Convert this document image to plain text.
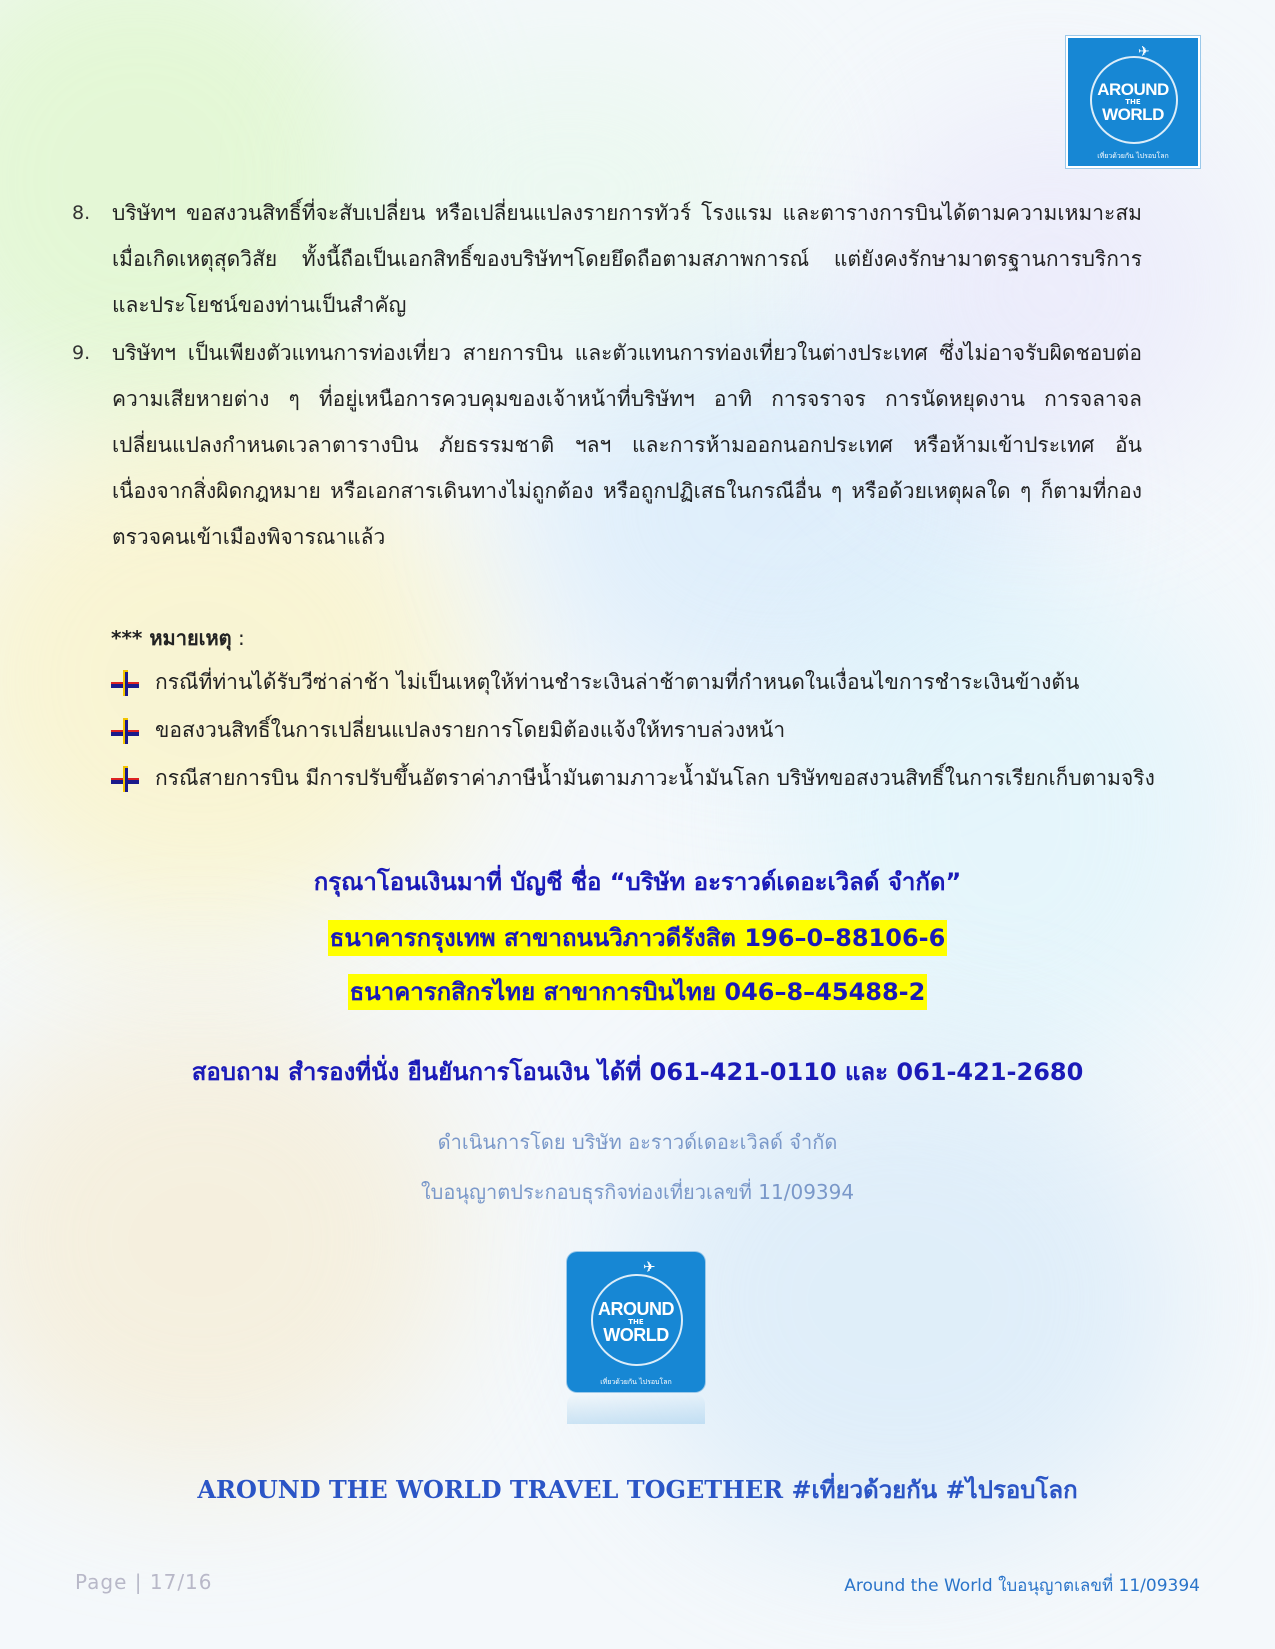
✈
AROUND
THE
WORLD
เที่ยวด้วยกัน ไปรอบโลก
8. บริษัทฯ ขอสงวนสิทธิ์ที่จะสับเปลี่ยน หรือเปลี่ยนแปลงรายการทัวร์ โรงแรม และตารางการบินได้ตามความเหมาะสม เมื่อเกิดเหตุสุดวิสัย ทั้งนี้ถือเป็นเอกสิทธิ์ของบริษัทฯโดยยึดถือตามสภาพการณ์ แต่ยังคงรักษามาตรฐานการบริการและประโยชน์ของท่านเป็นสำคัญ
9. บริษัทฯ เป็นเพียงตัวแทนการท่องเที่ยว สายการบิน และตัวแทนการท่องเที่ยวในต่างประเทศ ซึ่งไม่อาจรับผิดชอบต่อความเสียหายต่าง ๆ ที่อยู่เหนือการควบคุมของเจ้าหน้าที่บริษัทฯ อาทิ การจราจร การนัดหยุดงาน การจลาจล เปลี่ยนแปลงกำหนดเวลาตารางบิน ภัยธรรมชาติ ฯลฯ และการห้ามออกนอกประเทศ หรือห้ามเข้าประเทศ อันเนื่องจากสิ่งผิดกฎหมาย หรือเอกสารเดินทางไม่ถูกต้อง หรือถูกปฏิเสธในกรณีอื่น ๆ หรือด้วยเหตุผลใด ๆ ก็ตามที่กองตรวจคนเข้าเมืองพิจารณาแล้ว
*** หมายเหตุ :
กรณีที่ท่านได้รับวีซ่าล่าช้า ไม่เป็นเหตุให้ท่านชำระเงินล่าช้าตามที่กำหนดในเงื่อนไขการชำระเงินข้างต้น
ขอสงวนสิทธิ์ในการเปลี่ยนแปลงรายการโดยมิต้องแจ้งให้ทราบล่วงหน้า
กรณีสายการบิน มีการปรับขึ้นอัตราค่าภาษีน้ำมันตามภาวะน้ำมันโลก บริษัทขอสงวนสิทธิ์ในการเรียกเก็บตามจริง
กรุณาโอนเงินมาที่ บัญชี ชื่อ “บริษัท อะราวด์เดอะเวิลด์ จำกัด”
ธนาคารกรุงเทพ สาขาถนนวิภาวดีรังสิต 196–0–88106-6
ธนาคารกสิกรไทย สาขาการบินไทย 046–8–45488-2
สอบถาม สำรองที่นั่ง ยืนยันการโอนเงิน ได้ที่ 061-421-0110 และ 061-421-2680
ดำเนินการโดย บริษัท อะราวด์เดอะเวิลด์ จำกัด
ใบอนุญาตประกอบธุรกิจท่องเที่ยวเลขที่ 11/09394
✈
AROUND
THE
WORLD
เที่ยวด้วยกัน ไปรอบโลก
AROUND THE WORLD TRAVEL TOGETHER #เที่ยวด้วยกัน #ไปรอบโลก
Page | 17/16	Around the World ใบอนุญาตเลขที่ 11/09394
